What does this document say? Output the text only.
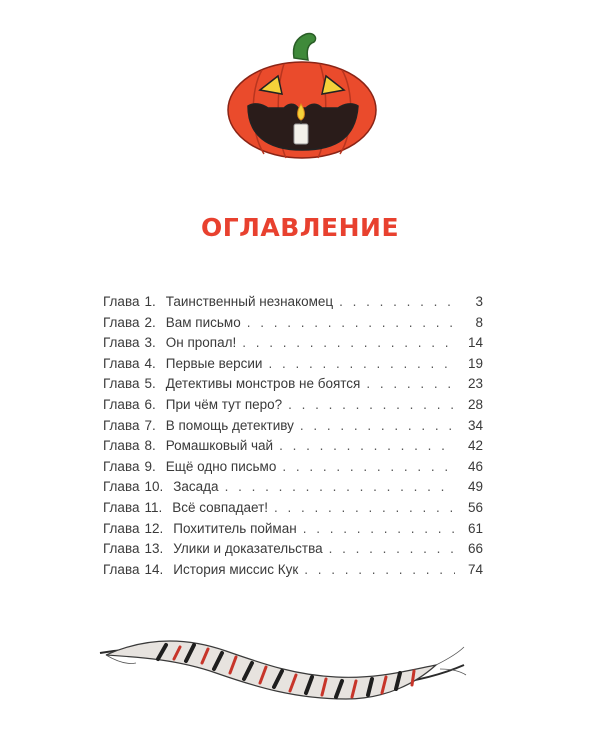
ОГЛАВЛЕНИЕ
Глава 1. Таинственный незнакомец . . .	3
Глава 2. Вам письмо . . .	8
Глава 3. Он пропал! . . .	14
Глава 4. Первые версии . . .	19
Глава 5. Детективы монстров не боятся . . .	23
Глава 6. При чём тут перо? . . .	28
Глава 7. В помощь детективу . . .	34
Глава 8. Ромашковый чай . . .	42
Глава 9. Ещё одно письмо . . .	46
Глава 10. Засада . . .	49
Глава 11. Всё совпадает! . . .	56
Глава 12. Похититель пойман . . .	61
Глава 13. Улики и доказательства . . .	66
Глава 14. История миссис Кук . . .	74
